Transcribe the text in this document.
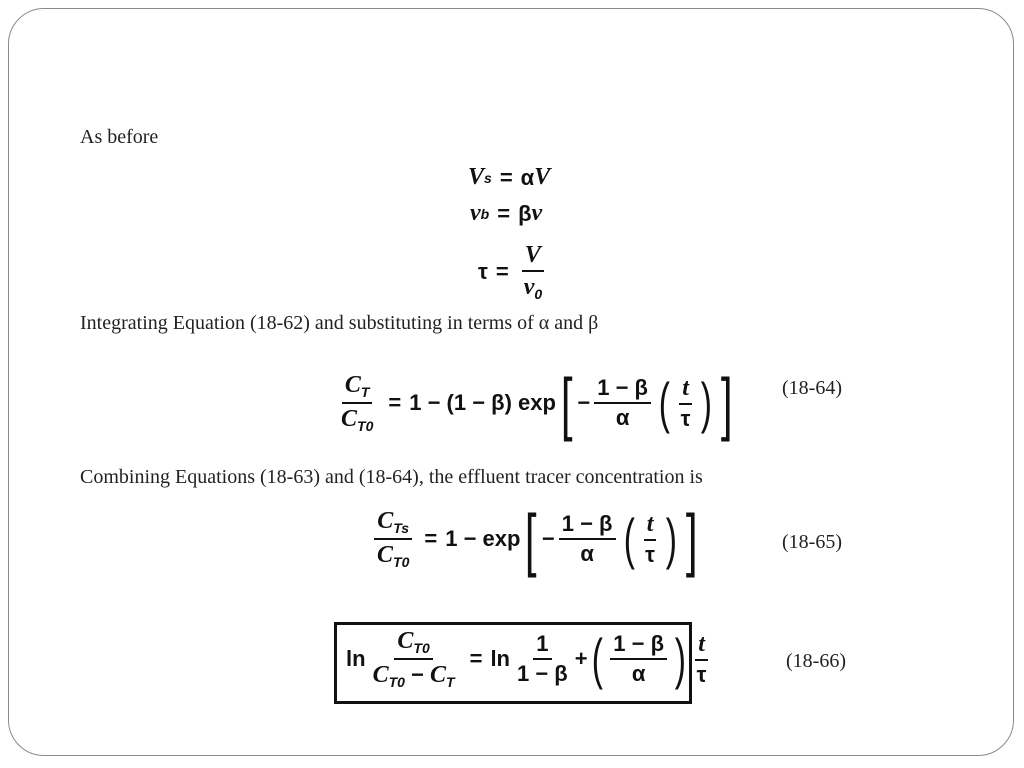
As before
V s = α V
v b = β v
$\tau = \frac{V}{v_0}$
Integrating Equation (18-62) and substituting in terms of α and β
$\frac{C_T}{C_{T0}} = 1 - (1 - \beta)$ exp [ − $\frac{1 - \beta}{\alpha}$ ( $\frac{t}{\tau}$ ) ] (18-64)
Combining Equations (18-63) and (18-64), the effluent tracer concentration is
$\frac{C_{Ts}}{C_{T0}} = 1 - \exp$ [ − $\frac{1 - \beta}{\alpha}$ ( $\frac{t}{\tau}$ ) ]	(18-65)
$\ln \frac{C_{T0}}{C_{T0} - C_T} = \ln \frac{1}{1 - \beta}$ + ( $\frac{1 - \beta}{\alpha}$ ) $\frac{t}{\tau}$	(18-66)
